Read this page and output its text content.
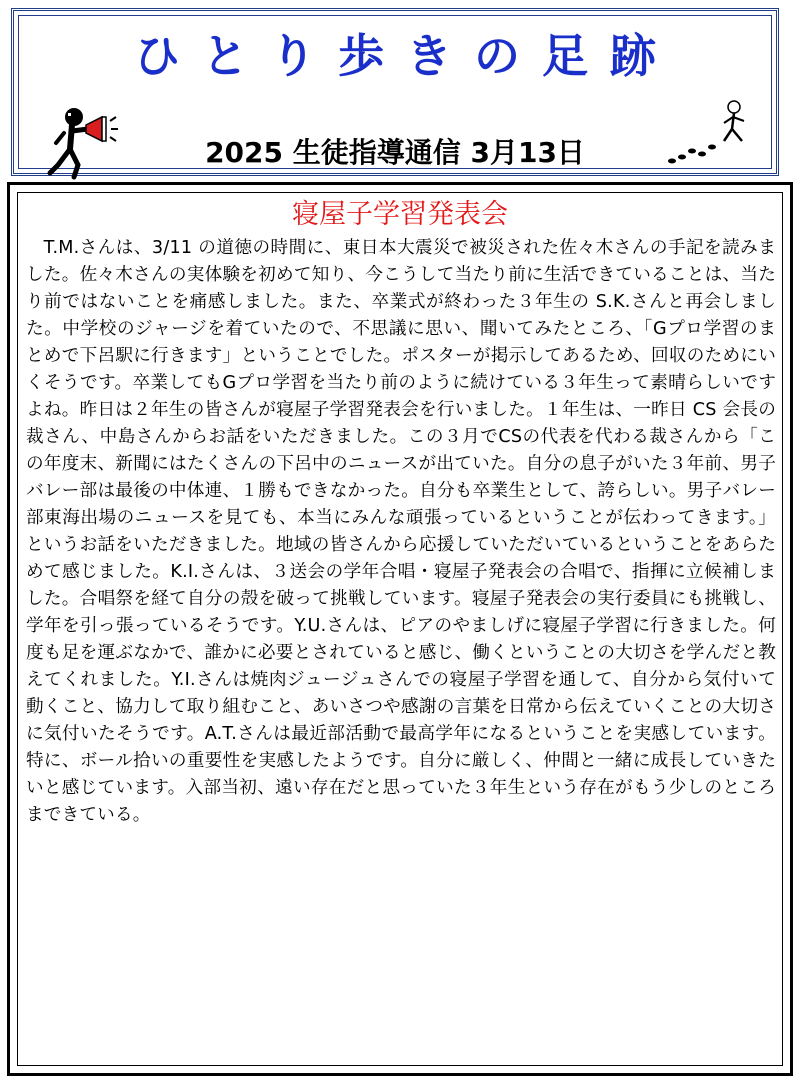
ひとり歩きの足跡
2025 生徒指導通信 3月13日
寝屋子学習発表会
T.M.さんは、3/11 の道徳の時間に、東日本大震災で被災された佐々木さんの手記を読みました。佐々木さんの実体験を初めて知り、今こうして当たり前に生活できていることは、当たり前ではないことを痛感しました。また、卒業式が終わった３年生の S.K.さんと再会しました。中学校のジャージを着ていたので、不思議に思い、聞いてみたところ、「Gプロ学習のまとめで下呂駅に行きます」ということでした。ポスターが掲示してあるため、回収のためにいくそうです。卒業してもGプロ学習を当たり前のように続けている３年生って素晴らしいですよね。昨日は２年生の皆さんが寝屋子学習発表会を行いました。１年生は、一昨日 CS 会長の裁さん、中島さんからお話をいただきました。この３月でCSの代表を代わる裁さんから「この年度末、新聞にはたくさんの下呂中のニュースが出ていた。自分の息子がいた３年前、男子バレー部は最後の中体連、１勝もできなかった。自分も卒業生として、誇らしい。男子バレー部東海出場のニュースを見ても、本当にみんな頑張っているということが伝わってきます。」というお話をいただきました。地域の皆さんから応援していただいているということをあらためて感じました。K.I.さんは、３送会の学年合唱・寝屋子発表会の合唱で、指揮に立候補しました。合唱祭を経て自分の殻を破って挑戦しています。寝屋子発表会の実行委員にも挑戦し、学年を引っ張っているそうです。Y.U.さんは、ピアのやましげに寝屋子学習に行きました。何度も足を運ぶなかで、誰かに必要とされていると感じ、働くということの大切さを学んだと教えてくれました。Y.I.さんは焼肉ジュージュさんでの寝屋子学習を通して、自分から気付いて動くこと、協力して取り組むこと、あいさつや感謝の言葉を日常から伝えていくことの大切さに気付いたそうです。A.T.さんは最近部活動で最高学年になるということを実感しています。特に、ボール拾いの重要性を実感したようです。自分に厳しく、仲間と一緒に成長していきたいと感じています。入部当初、遠い存在だと思っていた３年生という存在がもう少しのところまできている。
